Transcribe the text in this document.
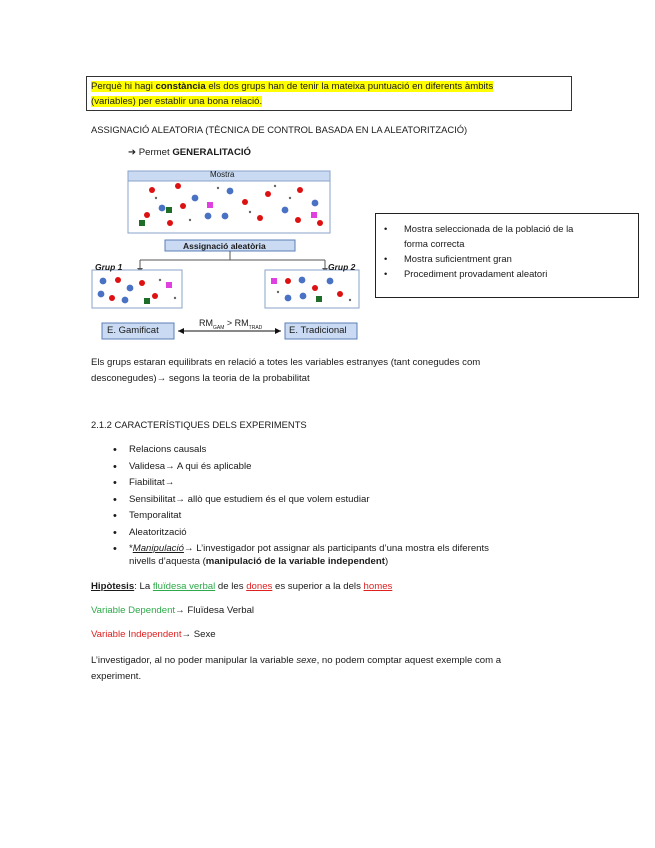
Perquè hi hagi constància els dos grups han de tenir la mateixa puntuació en diferents àmbits
(variables) per establir una bona relació.
ASSIGNACIÓ ALEATORIA (TÈCNICA DE CONTROL BASADA EN LA ALEATORITZACIÓ)
➔ Permet GENERALITACIÓ
Mostra
Assignació aleatòria
Grup 1	Grup 2
E. Gamificat	E. Tradicional
$RM_{GAM} > RM_{TRAD}$
• Mostra seleccionada de la població de la
forma correcta
• Mostra suficientment gran
• Procediment provadament aleatori
Els grups estaran equilibrats en relació a totes les variables estranyes (tant conegudes com
desconegudes)→ segons la teoria de la probabilitat
2.1.2 CARACTERÍSTIQUES DELS EXPERIMENTS
• Relacions causals
• Validesa→ A qui és aplicable
• Fiabilitat→
• Sensibilitat→ allò que estudiem és el que volem estudiar
• Temporalitat
• Aleatorització
• *Manipulació→ L’investigador pot assignar als participants d’una mostra els diferents
nivells d’aquesta (manipulació de la variable independent)
Hipòtesis: La fluïdesa verbal de les dones es superior a la dels homes
Variable Dependent→ Fluïdesa Verbal
Variable Independent→ Sexe
L’investigador, al no poder manipular la variable sexe, no podem comptar aquest exemple com a
experiment.
